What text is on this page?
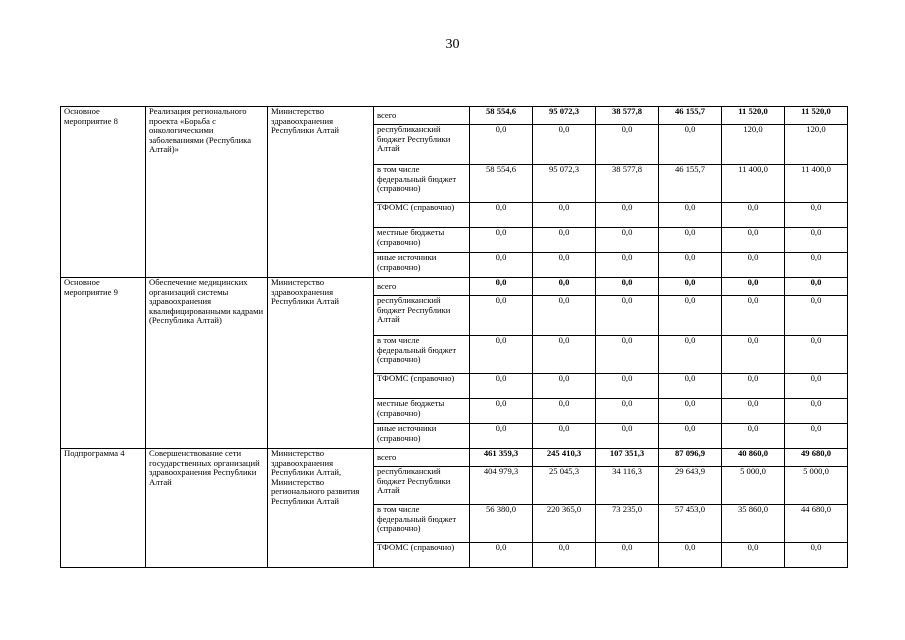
30
Основное мероприятие 8	Реализация регионального проекта «Борьба с онкологическими заболеваниями (Республика Алтай)»	Министерство здравоохранения Республики Алтай	всего	58 554,6	95 072,3	38 577,8	46 155,7	11 520,0	11 520,0
			республиканский бюджет Республики Алтай	0,0	0,0	0,0	0,0	120,0	120,0
			в том числе федеральный бюджет (справочно)	58 554,6	95 072,3	38 577,8	46 155,7	11 400,0	11 400,0
			ТФОМС (справочно)	0,0	0,0	0,0	0,0	0,0	0,0
			местные бюджеты (справочно)	0,0	0,0	0,0	0,0	0,0	0,0
			иные источники (справочно)	0,0	0,0	0,0	0,0	0,0	0,0
Основное мероприятие 9	Обеспечение медицинских организаций системы здравоохранения квалифицированными кадрами (Республика Алтай)	Министерство здравоохранения Республики Алтай	всего	0,0	0,0	0,0	0,0	0,0	0,0
			республиканский бюджет Республики Алтай	0,0	0,0	0,0	0,0	0,0	0,0
			в том числе федеральный бюджет (справочно)	0,0	0,0	0,0	0,0	0,0	0,0
			ТФОМС (справочно)	0,0	0,0	0,0	0,0	0,0	0,0
			местные бюджеты (справочно)	0,0	0,0	0,0	0,0	0,0	0,0
			иные источники (справочно)	0,0	0,0	0,0	0,0	0,0	0,0
Подпрограмма 4	Совершенствование сети государственных организаций здравоохранения Республики Алтай	Министерство здравоохранения Республики Алтай, Министерство регионального развития Республики Алтай	всего	461 359,3	245 410,3	107 351,3	87 096,9	40 860,0	49 680,0
			республиканский бюджет Республики Алтай	404 979,3	25 045,3	34 116,3	29 643,9	5 000,0	5 000,0
			в том числе федеральный бюджет (справочно)	56 380,0	220 365,0	73 235,0	57 453,0	35 860,0	44 680,0
			ТФОМС (справочно)	0,0	0,0	0,0	0,0	0,0	0,0
